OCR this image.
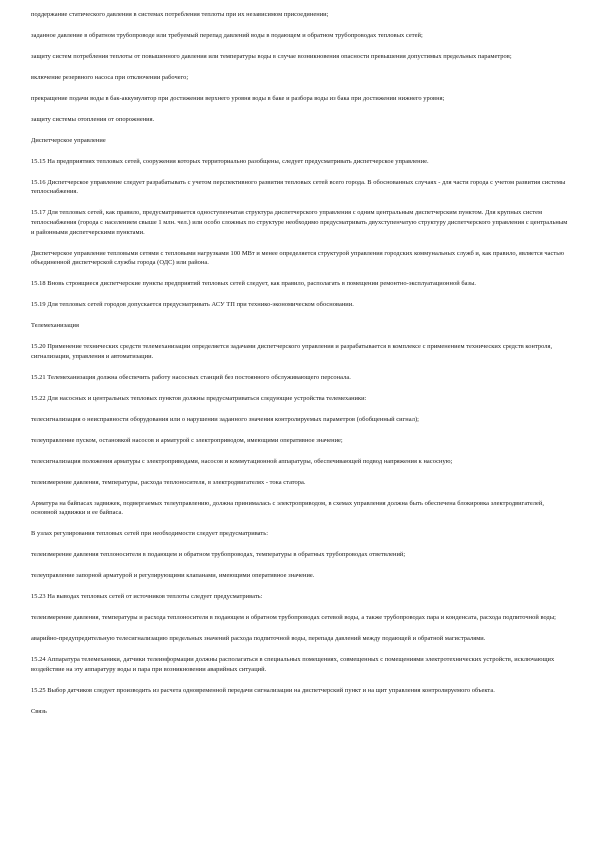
поддержание статического давления в системах потребления теплоты при их независимом присоединении;

заданное давление в обратном трубопроводе или требуемый перепад давлений воды в подающем и обратном трубопроводах тепловых сетей;

защиту систем потребления теплоты от повышенного давления или температуры воды в случае возникновения опасности превышения допустимых предельных параметров;

включение резервного насоса при отключении рабочего;

прекращение подачи воды в бак-аккумулятор при достижении верхнего уровня воды в баке и разбора воды из бака при достижении нижнего уровня;

защиту системы отопления от опорожнения.

Диспетчерское управление

15.15 На предприятиях тепловых сетей, сооружения которых территориально разобщены, следует предусматривать диспетчерское управление.

15.16 Диспетчерское управление следует разрабатывать с учетом перспективного развития тепловых сетей всего города. В обоснованных случаях - для части города с учетом развития системы теплоснабжения.

15.17 Для тепловых сетей, как правило, предусматривается одноступенчатая структура диспетчерского управления с одним центральным диспетчерским пунктом. Для крупных систем теплоснабжения (города с населением свыше 1 млн. чел.) или особо сложных по структуре необходимо предусматривать двухступенчатую структуру диспетчерского управления с центральным и районными диспетчерскими пунктами.

Диспетчерское управление тепловыми сетями с тепловыми нагрузками 100 МВт и менее определяется структурой управления городских коммунальных служб и, как правило, является частью объединенной диспетчерской службы города (ОДС) или района.

15.18 Вновь строящиеся диспетчерские пункты предприятий тепловых сетей следует, как правило, располагать в помещении ремонтно-эксплуатационной базы.

15.19 Для тепловых сетей городов допускается предусматривать АСУ ТП при технико-экономическом обосновании.

Телемеханизация

15.20 Применение технических средств телемеханизации определяется задачами диспетчерского управления и разрабатывается в комплексе с применением технических средств контроля, сигнализации, управления и автоматизации.

15.21 Телемеханизация должна обеспечить работу насосных станций без постоянного обслуживающего персонала.

15.22 Для насосных и центральных тепловых пунктов должны предусматриваться следующие устройства телемеханики:

телесигнализация о неисправности оборудования или о нарушении заданного значения контролируемых параметров (обобщенный сигнал);

телеуправление пуском, остановкой насосов и арматурой с электроприводом, имеющими оперативное значение;

телесигнализация положения арматуры с электроприводами, насосов и коммутационной аппаратуры, обеспечивающей подвод напряжения к насосную;

телеизмерение давления, температуры, расхода теплоносителя, в электродвигателях - тока статора.

Арматура на байпасах задвижек, подвергаемых телеуправлению, должна принималась с электроприводом, в схемах управления должна быть обеспечена блокировка электродвигателей, основной задвижки и ее байпаса.

В узлах регулирования тепловых сетей при необходимости следует предусматривать:

телеизмерение давления теплоносителя в подающем и обратном трубопроводах, температуры в обратных трубопроводах ответвлений;

телеуправление запорной арматурой и регулирующими клапанами, имеющими оперативное значение.

15.23 На выводах тепловых сетей от источников теплоты следует предусматривать:

телеизмерение давления, температуры и расхода теплоносителя в подающем и обратном трубопроводах сетевой воды, а также трубопроводах пара и конденсата, расхода подпиточной воды;

аварийно-предупредительную телесигнализацию предельных значений расхода подпиточной воды, перепада давлений между подающей и обратной магистралями.

15.24 Аппаратура телемеханики, датчики телеинформации должны располагаться в специальных помещениях, совмещенных с помещениями электротехнических устройств, исключающих воздействие на эту аппаратуру воды и пара при возникновении аварийных ситуаций.

15.25 Выбор датчиков следует производить из расчета одновременной передачи сигнализации на диспетчерский пункт и на щит управления контролируемого объекта.

Связь
